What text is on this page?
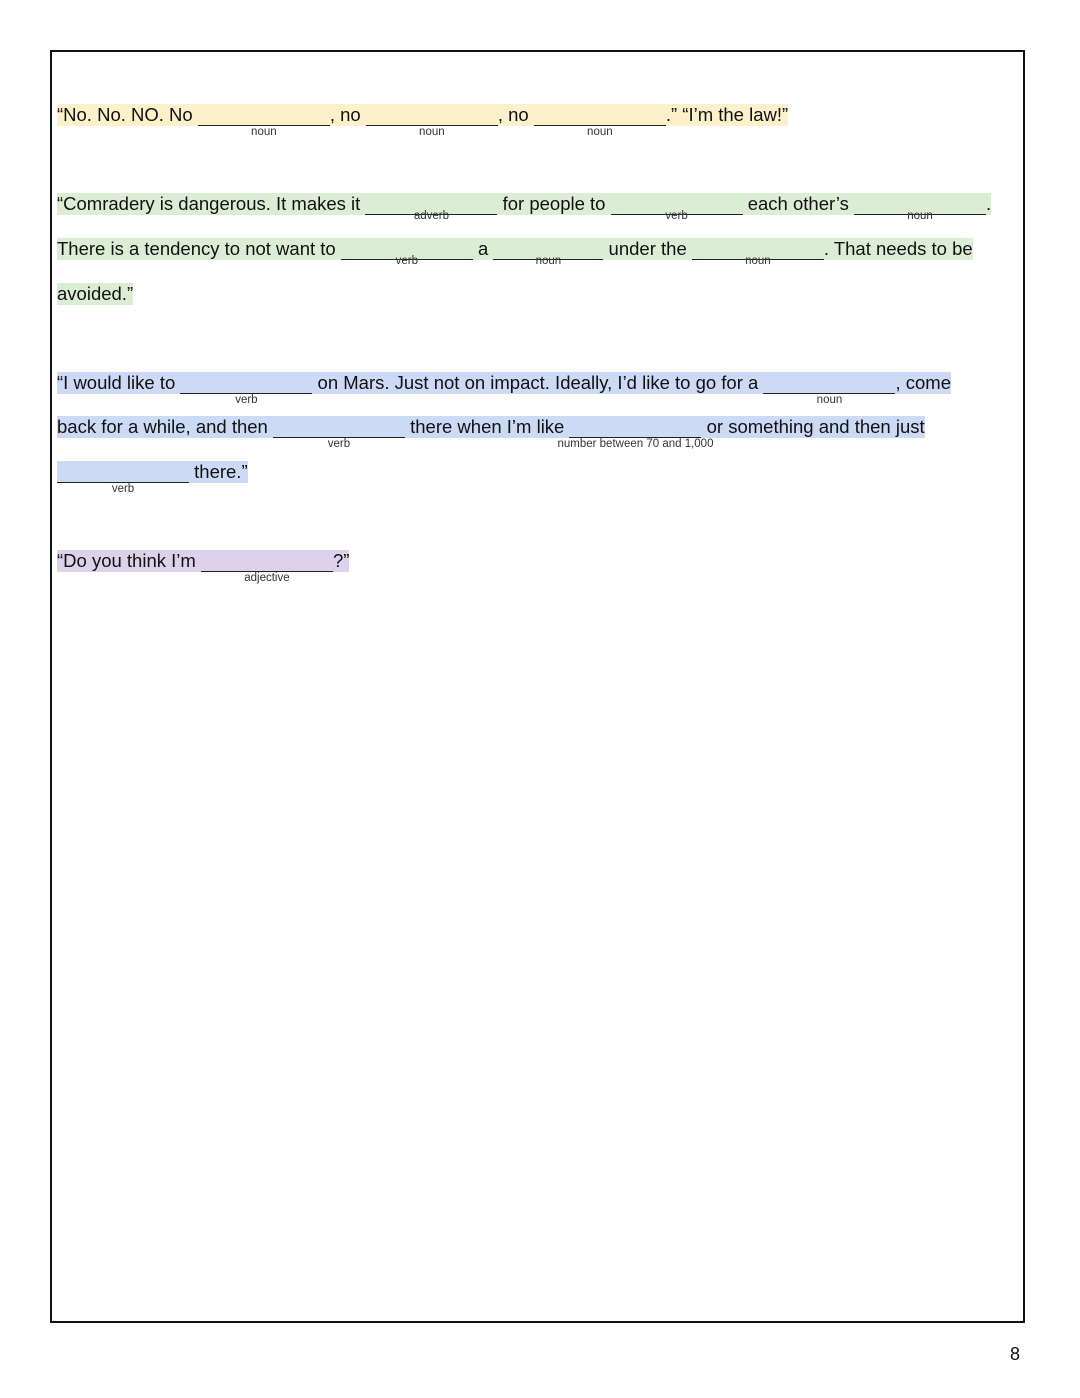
“No. No. NO. No
noun
, no
noun
, no
noun
.” “I’m the law!”
“Comradery is dangerous. It makes it
adverb
for people to
verb
each other’s
noun
.
There is a tendency to not want to
verb
a
noun
under the
noun
. That needs to be
avoided.”
“I would like to
verb
on Mars. Just not on impact. Ideally, I’d like to go for a
noun
, come
back for a while, and then
verb
there when I’m like
number between 70 and 1,000
or something and then just
verb
there.”
“Do you think I’m
adjective
?”
8
